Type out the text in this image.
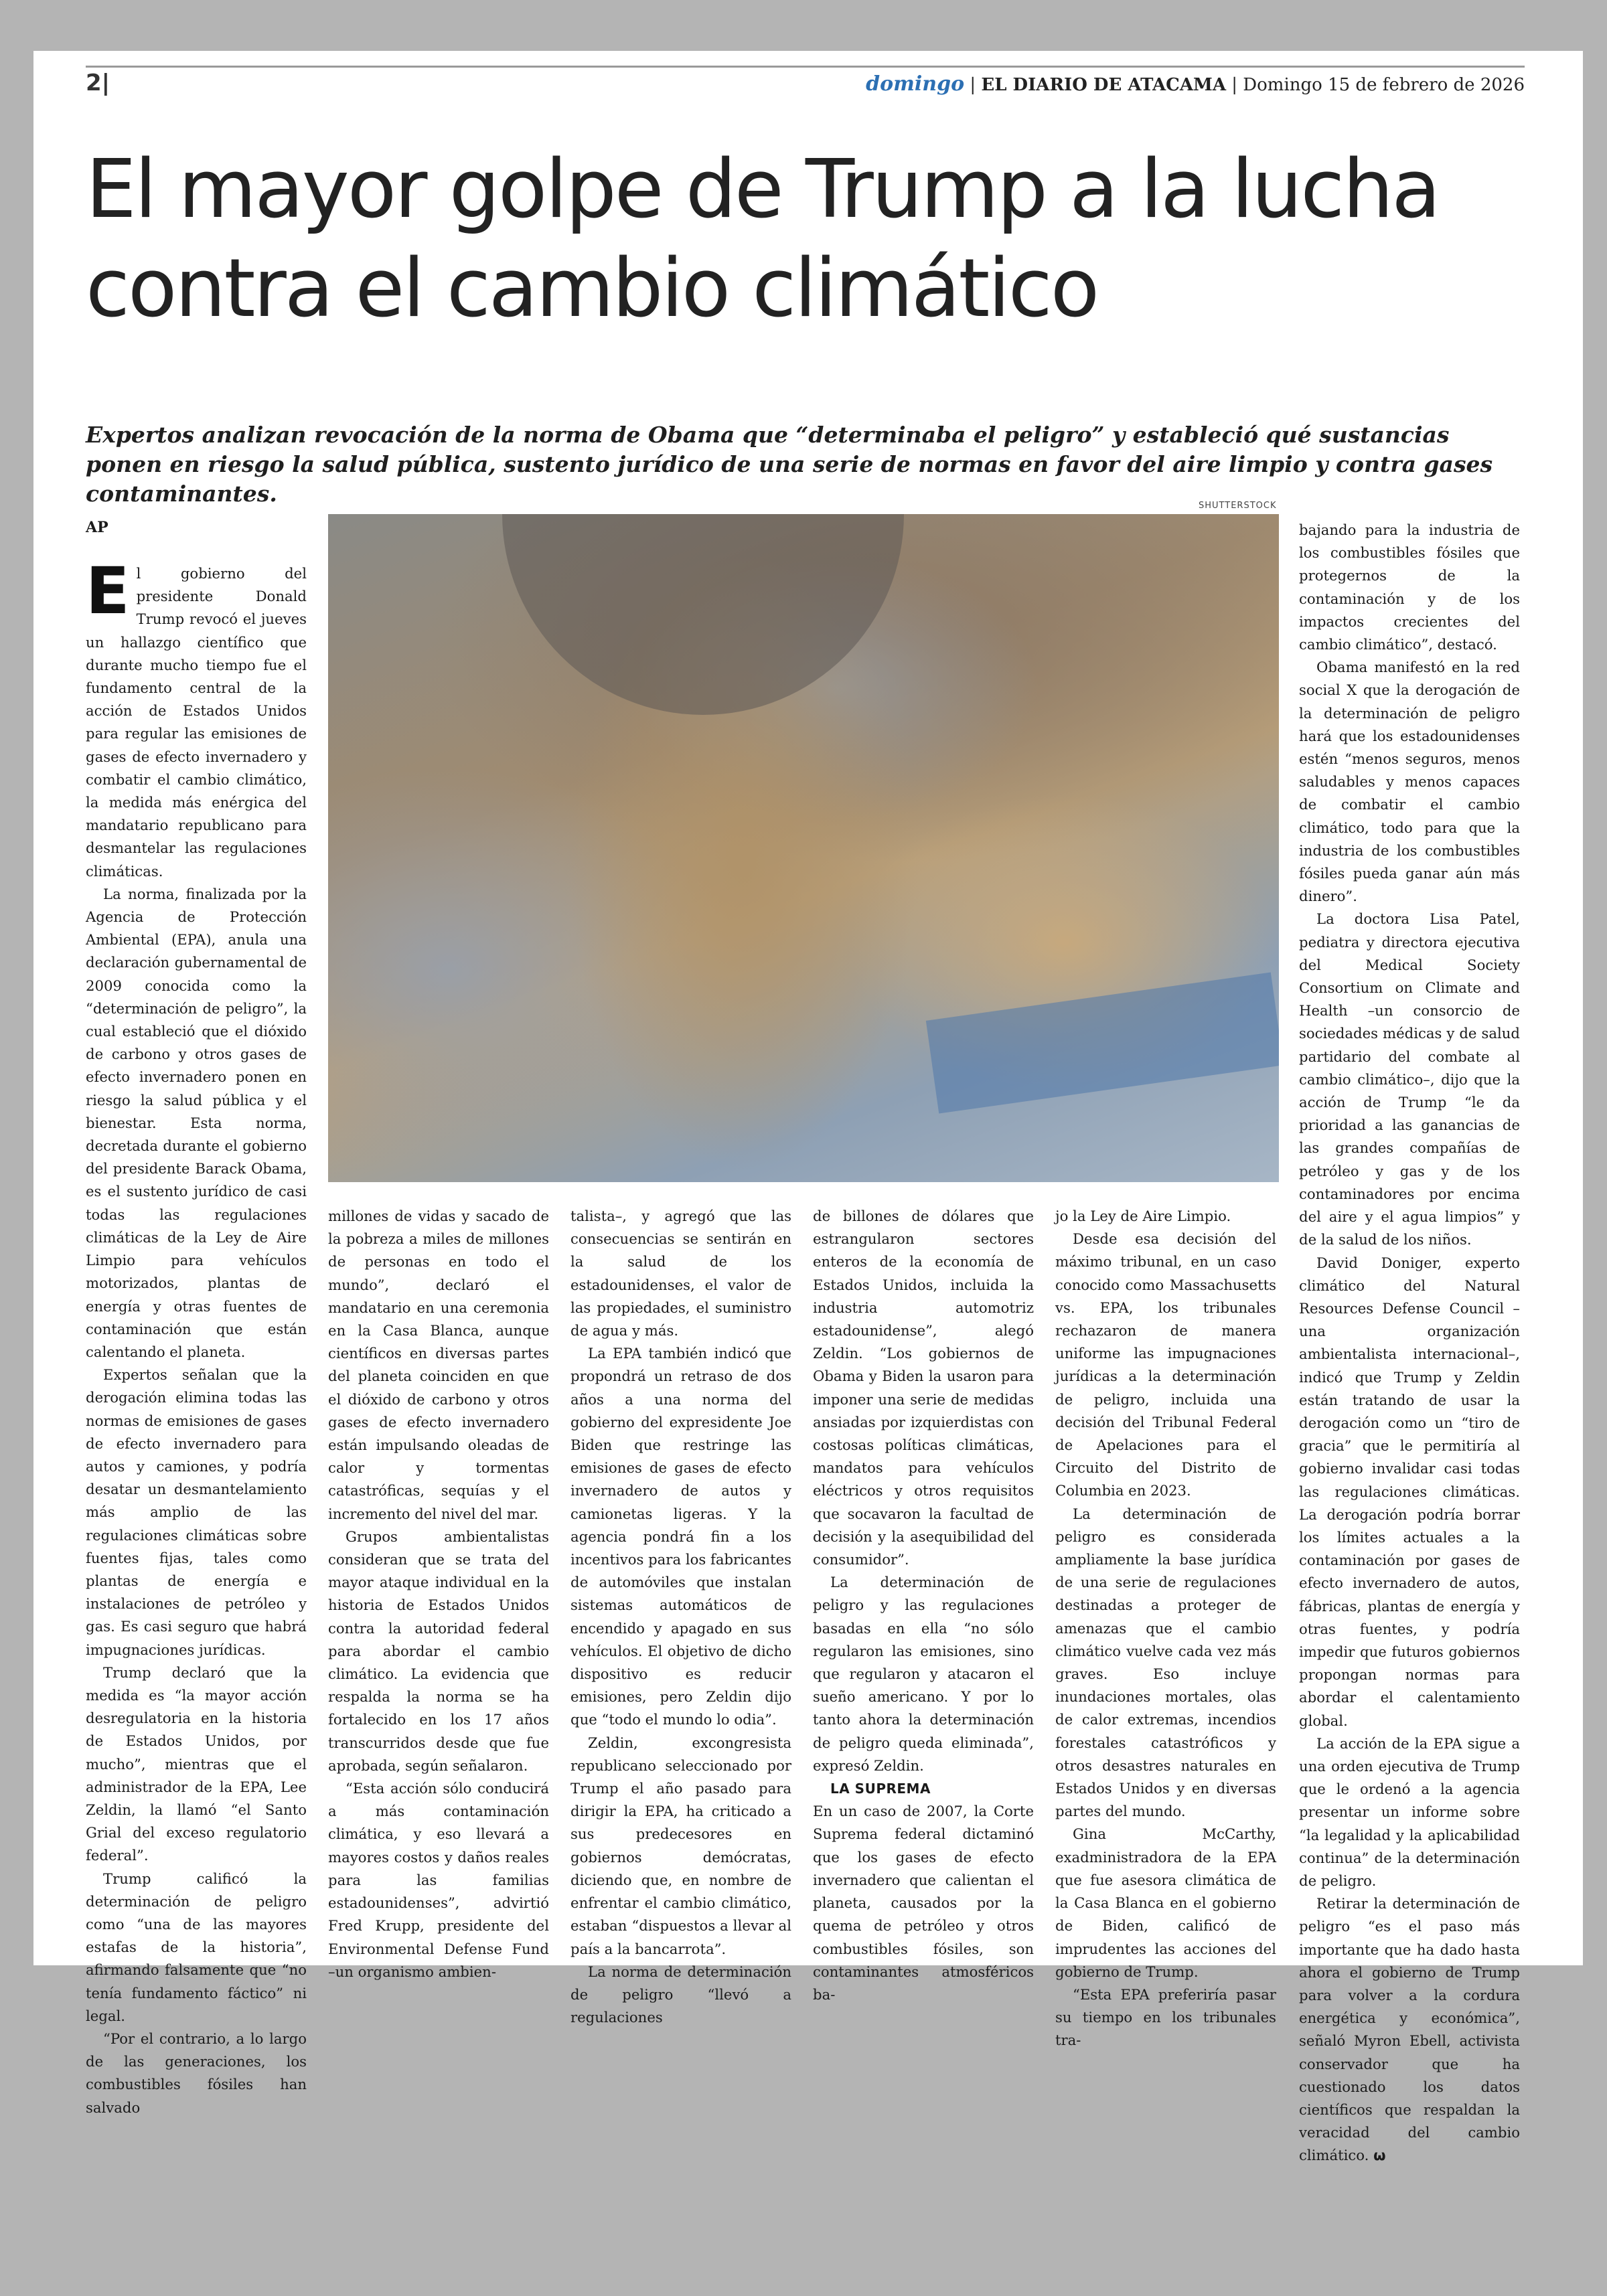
2|	domingo | EL DIARIO DE ATACAMA | Domingo 15 de febrero de 2026
El mayor golpe de Trump a la lucha contra el cambio climático

Expertos analizan revocación de la norma de Obama que “determinaba el peligro” y estableció qué sustancias ponen en riesgo la salud pública, sustento jurídico de una serie de normas en favor del aire limpio y contra gases contaminantes.

AP
SHUTTERSTOCK

El gobierno del presidente Donald Trump revocó el jueves un hallazgo científico que durante mucho tiempo fue el fundamento central de la acción de Estados Unidos para regular las emisiones de gases de efecto invernadero y combatir el cambio climático, la medida más enérgica del mandatario republicano para desmantelar las regulaciones climáticas.

La norma, finalizada por la Agencia de Protección Ambiental (EPA), anula una declaración gubernamental de 2009 conocida como la “determinación de peligro”, la cual estableció que el dióxido de carbono y otros gases de efecto invernadero ponen en riesgo la salud pública y el bienestar. Esta norma, decretada durante el gobierno del presidente Barack Obama, es el sustento jurídico de casi todas las regulaciones climáticas de la Ley de Aire Limpio para vehículos motorizados, plantas de energía y otras fuentes de contaminación que están calentando el planeta.

Expertos señalan que la derogación elimina todas las normas de emisiones de gases de efecto invernadero para autos y camiones, y podría desatar un desmantelamiento más amplio de las regulaciones climáticas sobre fuentes fijas, tales como plantas de energía e instalaciones de petróleo y gas. Es casi seguro que habrá impugnaciones jurídicas.

Trump declaró que la medida es “la mayor acción desregulatoria en la historia de Estados Unidos, por mucho”, mientras que el administrador de la EPA, Lee Zeldin, la llamó “el Santo Grial del exceso regulatorio federal”.

Trump calificó la determinación de peligro como “una de las mayores estafas de la historia”, afirmando falsamente que “no tenía fundamento fáctico” ni legal.

“Por el contrario, a lo largo de las generaciones, los combustibles fósiles han salvado

millones de vidas y sacado de la pobreza a miles de millones de personas en todo el mundo”, declaró el mandatario en una ceremonia en la Casa Blanca, aunque científicos en diversas partes del planeta coinciden en que el dióxido de carbono y otros gases de efecto invernadero están impulsando oleadas de calor y tormentas catastróficas, sequías y el incremento del nivel del mar.

Grupos ambientalistas consideran que se trata del mayor ataque individual en la historia de Estados Unidos contra la autoridad federal para abordar el cambio climático. La evidencia que respalda la norma se ha fortalecido en los 17 años transcurridos desde que fue aprobada, según señalaron.

“Esta acción sólo conducirá a más contaminación climática, y eso llevará a mayores costos y daños reales para las familias estadounidenses”, advirtió Fred Krupp, presidente del Environmental Defense Fund –un organismo ambien-

talista–, y agregó que las consecuencias se sentirán en la salud de los estadounidenses, el valor de las propiedades, el suministro de agua y más.

La EPA también indicó que propondrá un retraso de dos años a una norma del gobierno del expresidente Joe Biden que restringe las emisiones de gases de efecto invernadero de autos y camionetas ligeras. Y la agencia pondrá fin a los incentivos para los fabricantes de automóviles que instalan sistemas automáticos de encendido y apagado en sus vehículos. El objetivo de dicho dispositivo es reducir emisiones, pero Zeldin dijo que “todo el mundo lo odia”.

Zeldin, excongresista republicano seleccionado por Trump el año pasado para dirigir la EPA, ha criticado a sus predecesores en gobiernos demócratas, diciendo que, en nombre de enfrentar el cambio climático, estaban “dispuestos a llevar al país a la bancarrota”.

La norma de determinación de peligro “llevó a regulaciones

de billones de dólares que estrangularon sectores enteros de la economía de Estados Unidos, incluida la industria automotriz estadounidense”, alegó Zeldin. “Los gobiernos de Obama y Biden la usaron para imponer una serie de medidas ansiadas por izquierdistas con costosas políticas climáticas, mandatos para vehículos eléctricos y otros requisitos que socavaron la facultad de decisión y la asequibilidad del consumidor”.

La determinación de peligro y las regulaciones basadas en ella “no sólo regularon las emisiones, sino que regularon y atacaron el sueño americano. Y por lo tanto ahora la determinación de peligro queda eliminada”, expresó Zeldin.

LA SUPREMA

En un caso de 2007, la Corte Suprema federal dictaminó que los gases de efecto invernadero que calientan el planeta, causados por la quema de petróleo y otros combustibles fósiles, son contaminantes atmosféricos ba-

jo la Ley de Aire Limpio.

Desde esa decisión del máximo tribunal, en un caso conocido como Massachusetts vs. EPA, los tribunales rechazaron de manera uniforme las impugnaciones jurídicas a la determinación de peligro, incluida una decisión del Tribunal Federal de Apelaciones para el Circuito del Distrito de Columbia en 2023.

La determinación de peligro es considerada ampliamente la base jurídica de una serie de regulaciones destinadas a proteger de amenazas que el cambio climático vuelve cada vez más graves. Eso incluye inundaciones mortales, olas de calor extremas, incendios forestales catastróficos y otros desastres naturales en Estados Unidos y en diversas partes del mundo.

Gina McCarthy, exadministradora de la EPA que fue asesora climática de la Casa Blanca en el gobierno de Biden, calificó de imprudentes las acciones del gobierno de Trump.

“Esta EPA preferiría pasar su tiempo en los tribunales tra-

bajando para la industria de los combustibles fósiles que protegernos de la contaminación y de los impactos crecientes del cambio climático”, destacó.

Obama manifestó en la red social X que la derogación de la determinación de peligro hará que los estadounidenses estén “menos seguros, menos saludables y menos capaces de combatir el cambio climático, todo para que la industria de los combustibles fósiles pueda ganar aún más dinero”.

La doctora Lisa Patel, pediatra y directora ejecutiva del Medical Society Consortium on Climate and Health –un consorcio de sociedades médicas y de salud partidario del combate al cambio climático–, dijo que la acción de Trump “le da prioridad a las ganancias de las grandes compañías de petróleo y gas y de los contaminadores por encima del aire y el agua limpios” y de la salud de los niños.

David Doniger, experto climático del Natural Resources Defense Council –una organización ambientalista internacional–, indicó que Trump y Zeldin están tratando de usar la derogación como un “tiro de gracia” que le permitiría al gobierno invalidar casi todas las regulaciones climáticas. La derogación podría borrar los límites actuales a la contaminación por gases de efecto invernadero de autos, fábricas, plantas de energía y otras fuentes, y podría impedir que futuros gobiernos propongan normas para abordar el calentamiento global.

La acción de la EPA sigue a una orden ejecutiva de Trump que le ordenó a la agencia presentar un informe sobre “la legalidad y la aplicabilidad continua” de la determinación de peligro.

Retirar la determinación de peligro “es el paso más importante que ha dado hasta ahora el gobierno de Trump para volver a la cordura energética y económica”, señaló Myron Ebell, activista conservador que ha cuestionado los datos científicos que respaldan la veracidad del cambio climático. ω
